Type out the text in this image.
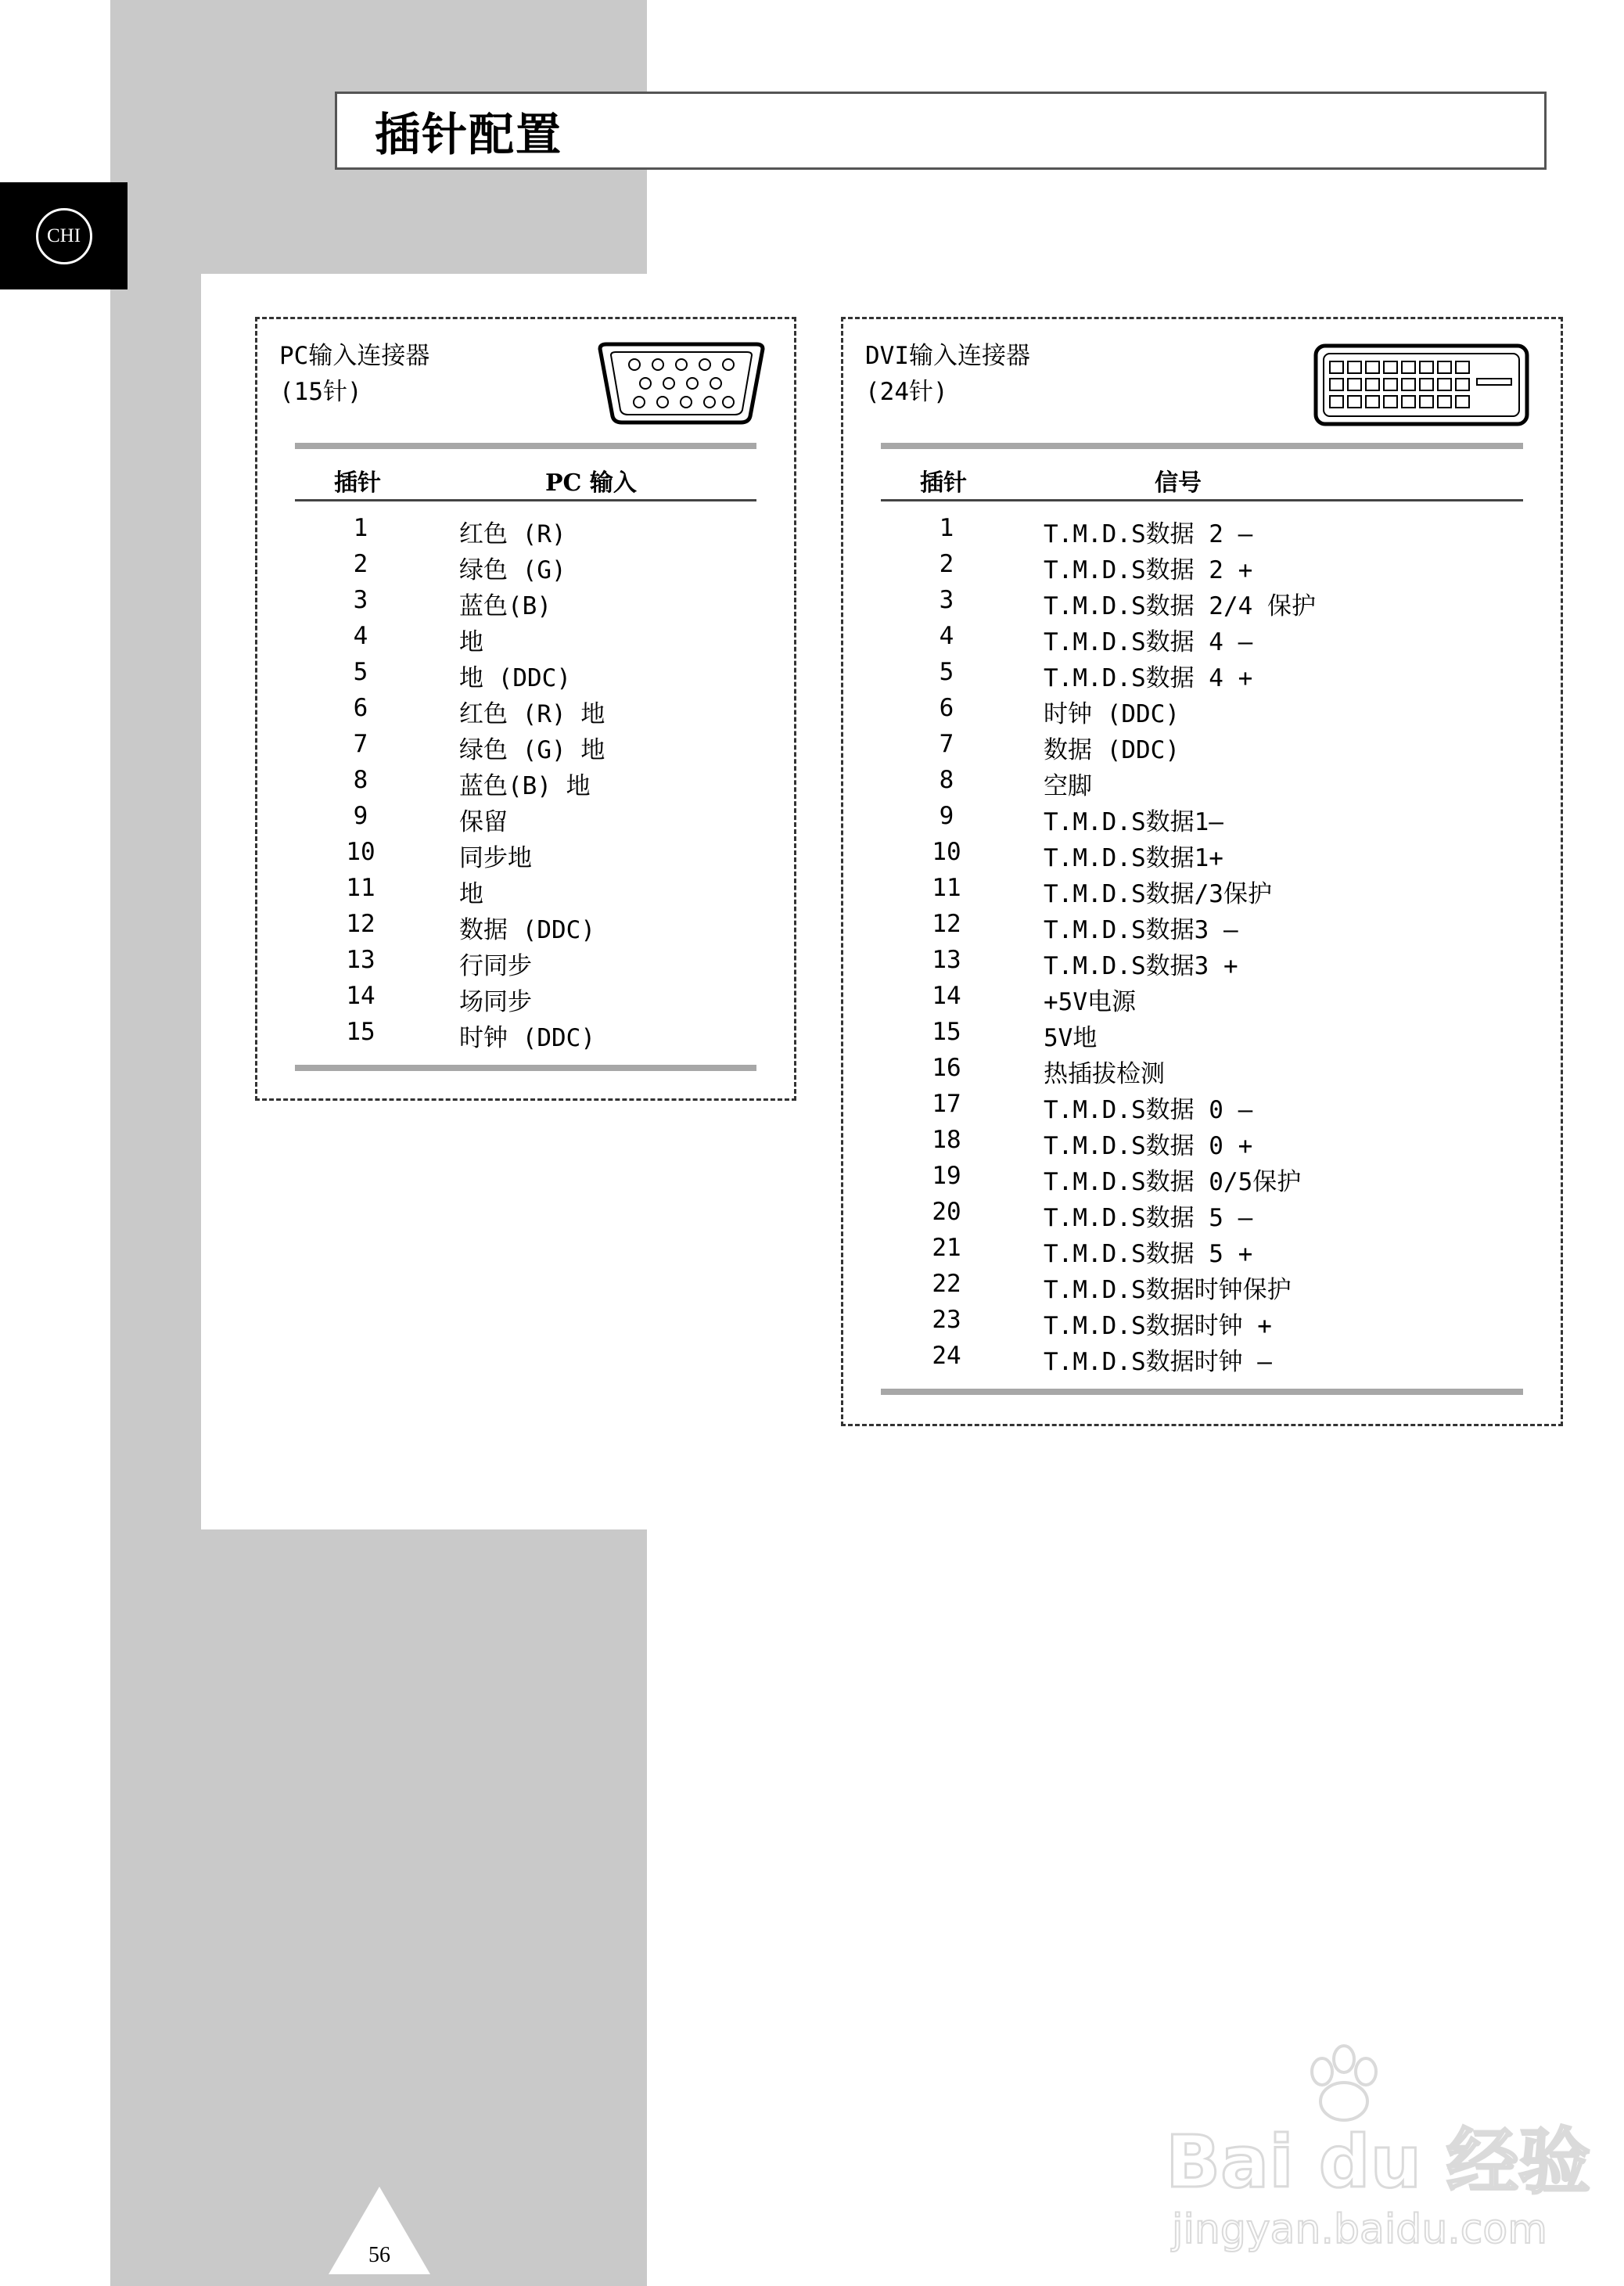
插针配置
CHI
PC输入连接器
(15针)
插针	PC 输入
1	红色 (R)
2	绿色 (G)
3	蓝色(B)
4	地
5	地 (DDC)
6	红色 (R) 地
7	绿色 (G) 地
8	蓝色(B) 地
9	保留
10	同步地
11	地
12	数据 (DDC)
13	行同步
14	场同步
15	时钟 (DDC)
DVI输入连接器
(24针)
插针	信号
1	T.M.D.S数据 2 —
2	T.M.D.S数据 2 +
3	T.M.D.S数据 2/4 保护
4	T.M.D.S数据 4 —
5	T.M.D.S数据 4 +
6	时钟 (DDC)
7	数据 (DDC)
8	空脚
9	T.M.D.S数据1—
10	T.M.D.S数据1+
11	T.M.D.S数据/3保护
12	T.M.D.S数据3 —
13	T.M.D.S数据3 +
14	+5V电源
15	5V地
16	热插拔检测
17	T.M.D.S数据 0 —
18	T.M.D.S数据 0 +
19	T.M.D.S数据 0/5保护
20	T.M.D.S数据 5 —
21	T.M.D.S数据 5 +
22	T.M.D.S数据时钟保护
23	T.M.D.S数据时钟 +
24	T.M.D.S数据时钟 —
56
Bai du 经验
jingyan.baidu.com
